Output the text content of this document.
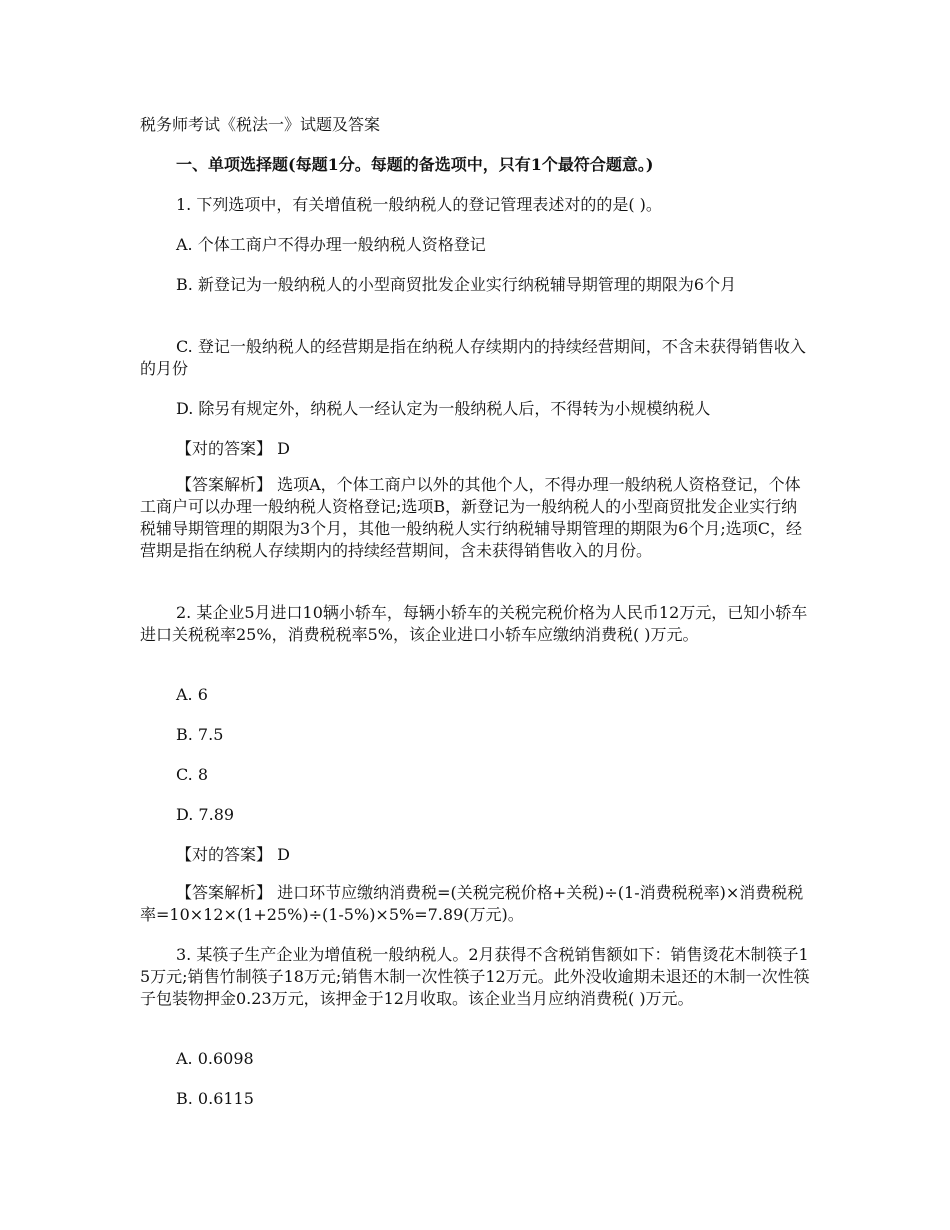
税务师考试《税法一》试题及答案
一、单项选择题(每题1分。每题的备选项中，只有1个最符合题意。)
1. 下列选项中，有关增值税一般纳税人的登记管理表述对的的是( )。
A. 个体工商户不得办理一般纳税人资格登记
B. 新登记为一般纳税人的小型商贸批发企业实行纳税辅导期管理的期限为6个月
C. 登记一般纳税人的经营期是指在纳税人存续期内的持续经营期间，不含未获得销售收入的月份
D. 除另有规定外，纳税人一经认定为一般纳税人后，不得转为小规模纳税人
【对的答案】 D
【答案解析】 选项A，个体工商户以外的其他个人，不得办理一般纳税人资格登记，个体工商户可以办理一般纳税人资格登记;选项B，新登记为一般纳税人的小型商贸批发企业实行纳税辅导期管理的期限为3个月，其他一般纳税人实行纳税辅导期管理的期限为6个月;选项C，经营期是指在纳税人存续期内的持续经营期间，含未获得销售收入的月份。
2. 某企业5月进口10辆小轿车，每辆小轿车的关税完税价格为人民币12万元，已知小轿车进口关税税率25%，消费税税率5%，该企业进口小轿车应缴纳消费税( )万元。
A. 6
B. 7.5
C. 8
D. 7.89
【对的答案】 D
【答案解析】 进口环节应缴纳消费税=(关税完税价格+关税)÷(1-消费税税率)×消费税税率=10×12×(1+25%)÷(1-5%)×5%=7.89(万元)。
3. 某筷子生产企业为增值税一般纳税人。2月获得不含税销售额如下：销售烫花木制筷子15万元;销售竹制筷子18万元;销售木制一次性筷子12万元。此外没收逾期未退还的木制一次性筷子包装物押金0.23万元，该押金于12月收取。该企业当月应纳消费税( )万元。
A. 0.6098
B. 0.6115
